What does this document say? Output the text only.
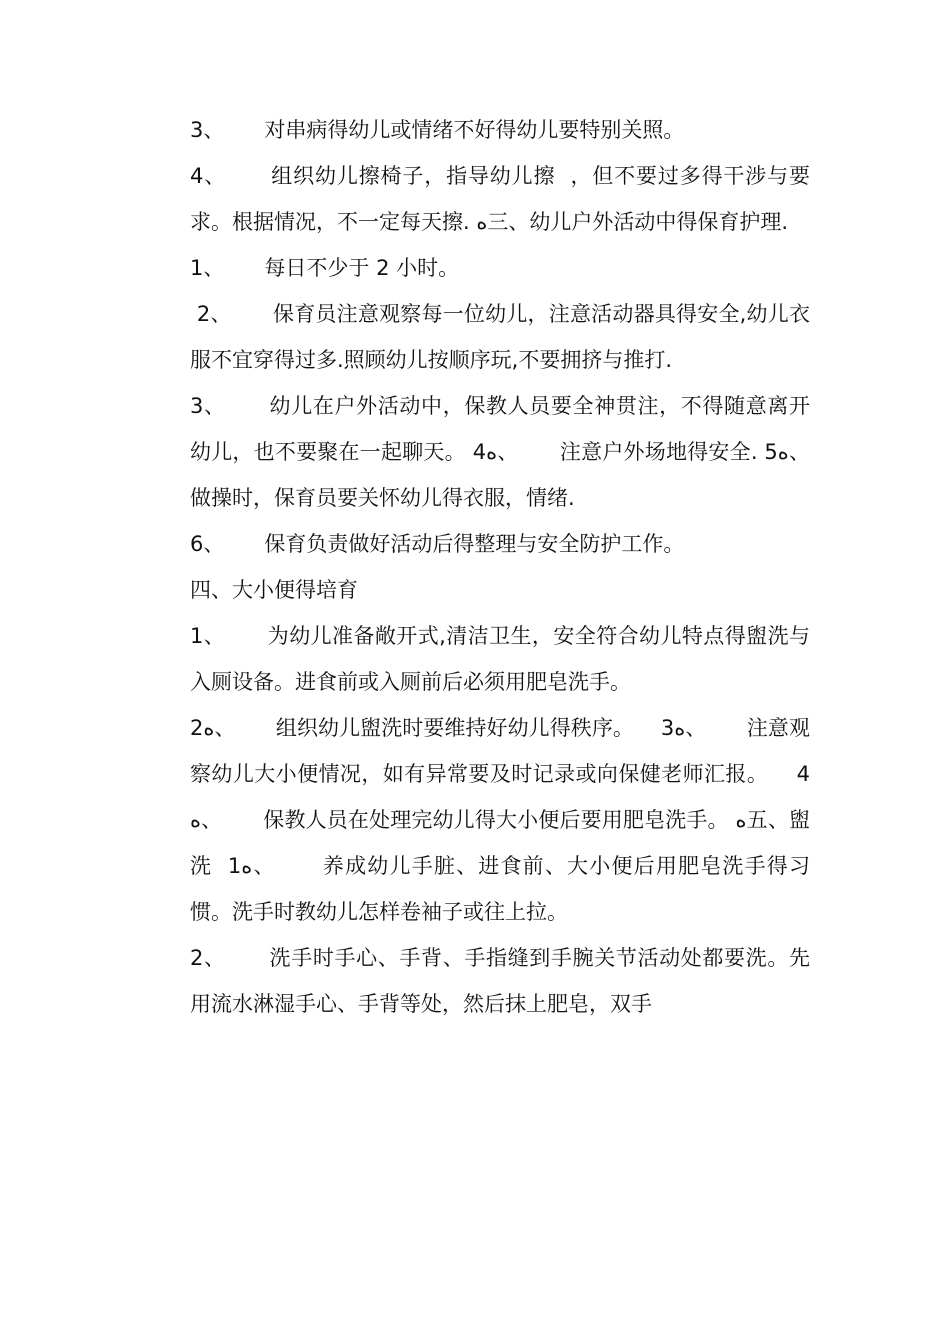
3、      对串病得幼儿或情绪不好得幼儿要特别关照。

4、      组织幼儿擦椅子，指导幼儿擦  ，但不要过多得干涉与要求。根据情况，不一定每天擦. ه三、幼儿户外活动中得保育护理.

1、      每日不少于 2 小时。

2、      保育员注意观察每一位幼儿，注意活动器具得安全,幼儿衣服不宜穿得过多.照顾幼儿按顺序玩,不要拥挤与推打.

3、      幼儿在户外活动中，保教人员要全神贯注，不得随意离开幼儿，也不要聚在一起聊天。 4ه、      注意户外场地得安全. 5ه、      做操时，保育员要关怀幼儿得衣服，情绪.

6、      保育负责做好活动后得整理与安全防护工作。

四、大小便得培育

1、      为幼儿准备敞开式,清洁卫生，安全符合幼儿特点得盥洗与入厕设备。进食前或入厕前后必须用肥皂洗手。

2ه、      组织幼儿盥洗时要维持好幼儿得秩序。    3ه、      注意观察幼儿大小便情况，如有异常要及时记录或向保健老师汇报。    4ه、      保教人员在处理完幼儿得大小便后要用肥皂洗手。 ه五、盥洗  1ه、      养成幼儿手脏、进食前、大小便后用肥皂洗手得习惯。洗手时教幼儿怎样卷袖子或往上拉。

2、      洗手时手心、手背、手指缝到手腕关节活动处都要洗。先用流水淋湿手心、手背等处，然后抹上肥皂，双手
